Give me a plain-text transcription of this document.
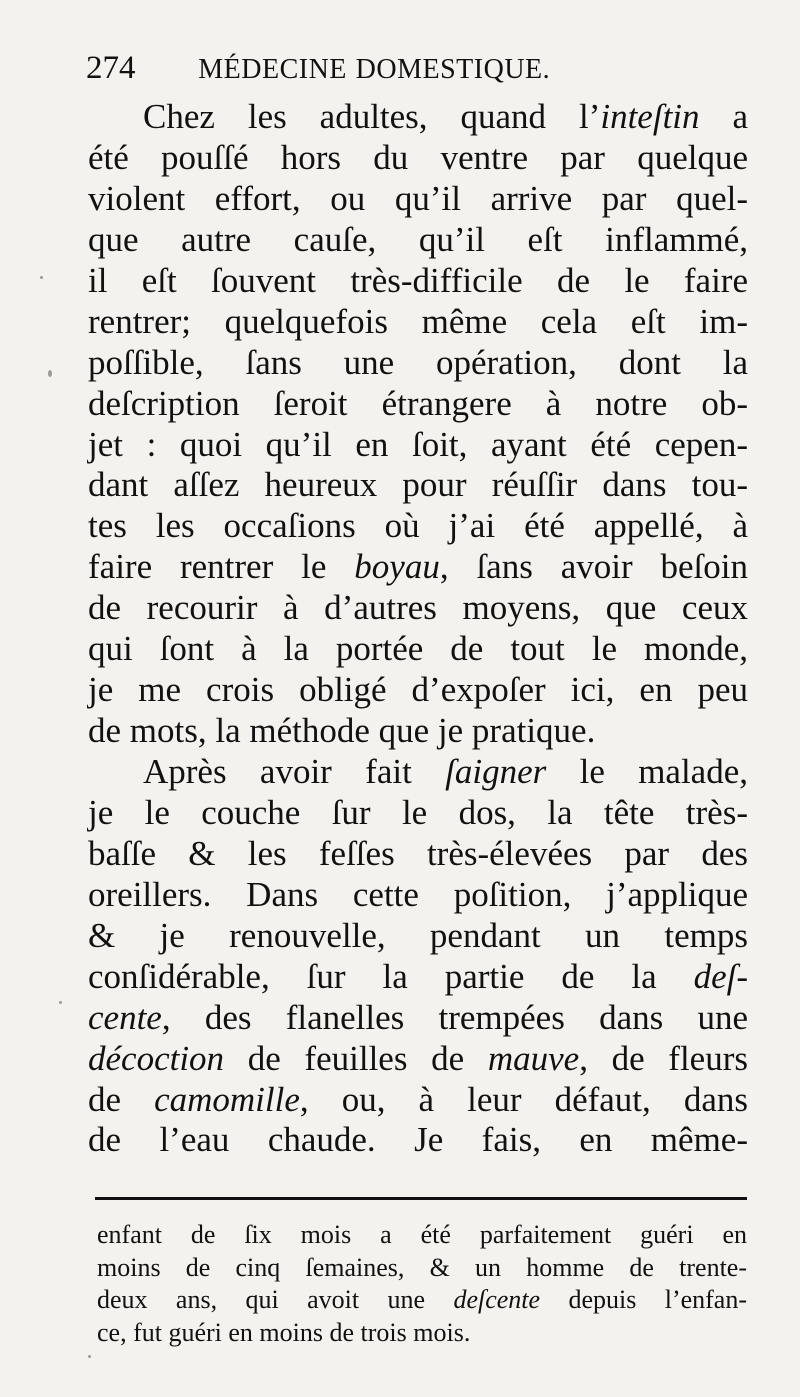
274 MÉDECINE DOMESTIQUE.
Chez les adultes, quand l’inteſtin a
été pouſſé hors du ventre par quelque
violent effort, ou qu’il arrive par quel-
que autre cauſe, qu’il eſt inflammé,
il eſt ſouvent très-difficile de le faire
rentrer; quelquefois même cela eſt im-
poſſible, ſans une opération, dont la
deſcription ſeroit étrangere à notre ob-
jet : quoi qu’il en ſoit, ayant été cepen-
dant aſſez heureux pour réuſſir dans tou-
tes les occaſions où j’ai été appellé, à
faire rentrer le boyau, ſans avoir beſoin
de recourir à d’autres moyens, que ceux
qui ſont à la portée de tout le monde,
je me crois obligé d’expoſer ici, en peu
de mots, la méthode que je pratique.
Après avoir fait ſaigner le malade,
je le couche ſur le dos, la tête très-
baſſe & les feſſes très-élevées par des
oreillers. Dans cette poſition, j’applique
& je renouvelle, pendant un temps
conſidérable, ſur la partie de la deſ-
cente, des flanelles trempées dans une
décoction de feuilles de mauve, de fleurs
de camomille, ou, à leur défaut, dans
de l’eau chaude. Je fais, en même-
enfant de ſix mois a été parfaitement guéri en
moins de cinq ſemaines, & un homme de trente-
deux ans, qui avoit une deſcente depuis l’enfan-
ce, fut guéri en moins de trois mois.
